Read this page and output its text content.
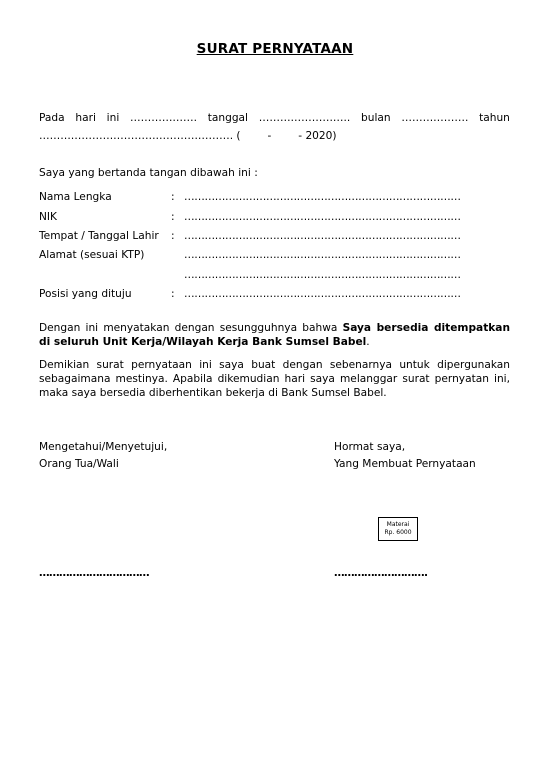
SURAT PERNYATAAN
Pada hari ini ………………. tanggal …………………….. bulan ………………. tahun
………………………………………………. (        -        - 2020)
Saya yang bertanda tangan dibawah ini :
Nama Lengka	: ………………………………………………………………………
NIK	: ………………………………………………………………………
Tempat / Tanggal Lahir : ………………………………………………………………………
Alamat (sesuai KTP)	………………………………………………………………………
………………………………………………………………………
Posisi yang dituju	: ………………………………………………………………………
Dengan ini menyatakan dengan sesungguhnya bahwa Saya bersedia ditempatkan di seluruh Unit Kerja/Wilayah Kerja Bank Sumsel Babel.
Demikian surat pernyataan ini saya buat dengan sebenarnya untuk dipergunakan sebagaimana mestinya. Apabila dikemudian hari saya melanggar surat pernyatan ini, maka saya bersedia diberhentikan bekerja di Bank Sumsel Babel.
Mengetahui/Menyetujui,
Orang Tua/Wali
Hormat saya,
Yang Membuat Pernyataan
Materai
Rp. 6000
……………………………	……………………….
